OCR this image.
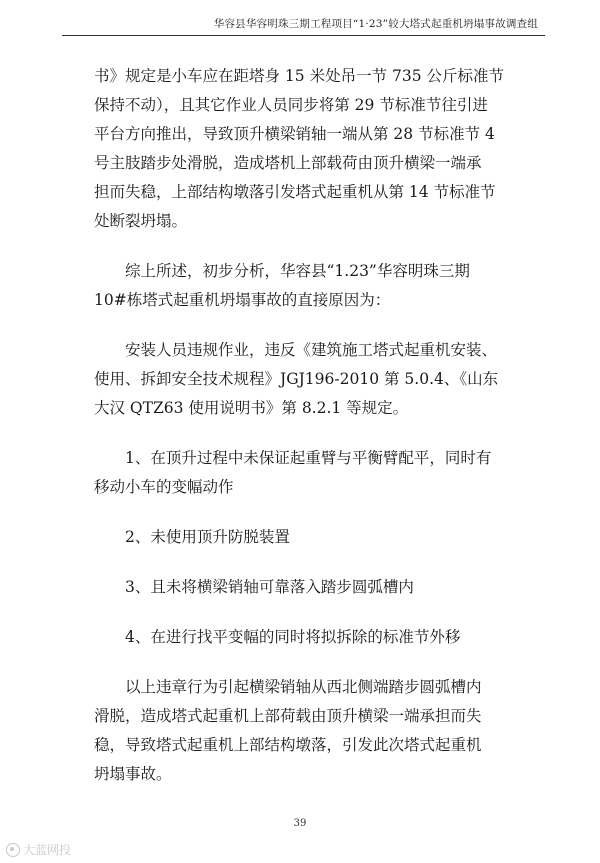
华容县华容明珠三期工程项目“1·23”较大塔式起重机坍塌事故调查组

书》规定是小车应在距塔身 15 米处吊一节 735 公斤标准节
保持不动），且其它作业人员同步将第 29 节标准节往引进
平台方向推出，导致顶升横梁销轴一端从第 28 节标准节 4
号主肢踏步处滑脱，造成塔机上部载荷由顶升横梁一端承
担而失稳，上部结构墩落引发塔式起重机从第 14 节标准节
处断裂坍塌。

综上所述，初步分析，华容县“1.23”华容明珠三期
10#栋塔式起重机坍塌事故的直接原因为：

安装人员违规作业，违反《建筑施工塔式起重机安装、
使用、拆卸安全技术规程》JGJ196-2010 第 5.0.4、《山东
大汉 QTZ63 使用说明书》第 8.2.1 等规定。

1、在顶升过程中未保证起重臂与平衡臂配平，同时有
移动小车的变幅动作

2、未使用顶升防脱装置

3、且未将横梁销轴可靠落入踏步圆弧槽内

4、在进行找平变幅的同时将拟拆除的标准节外移

以上违章行为引起横梁销轴从西北侧端踏步圆弧槽内
滑脱，造成塔式起重机上部荷载由顶升横梁一端承担而失
稳，导致塔式起重机上部结构墩落，引发此次塔式起重机
坍塌事故。

39
大蓝网投
